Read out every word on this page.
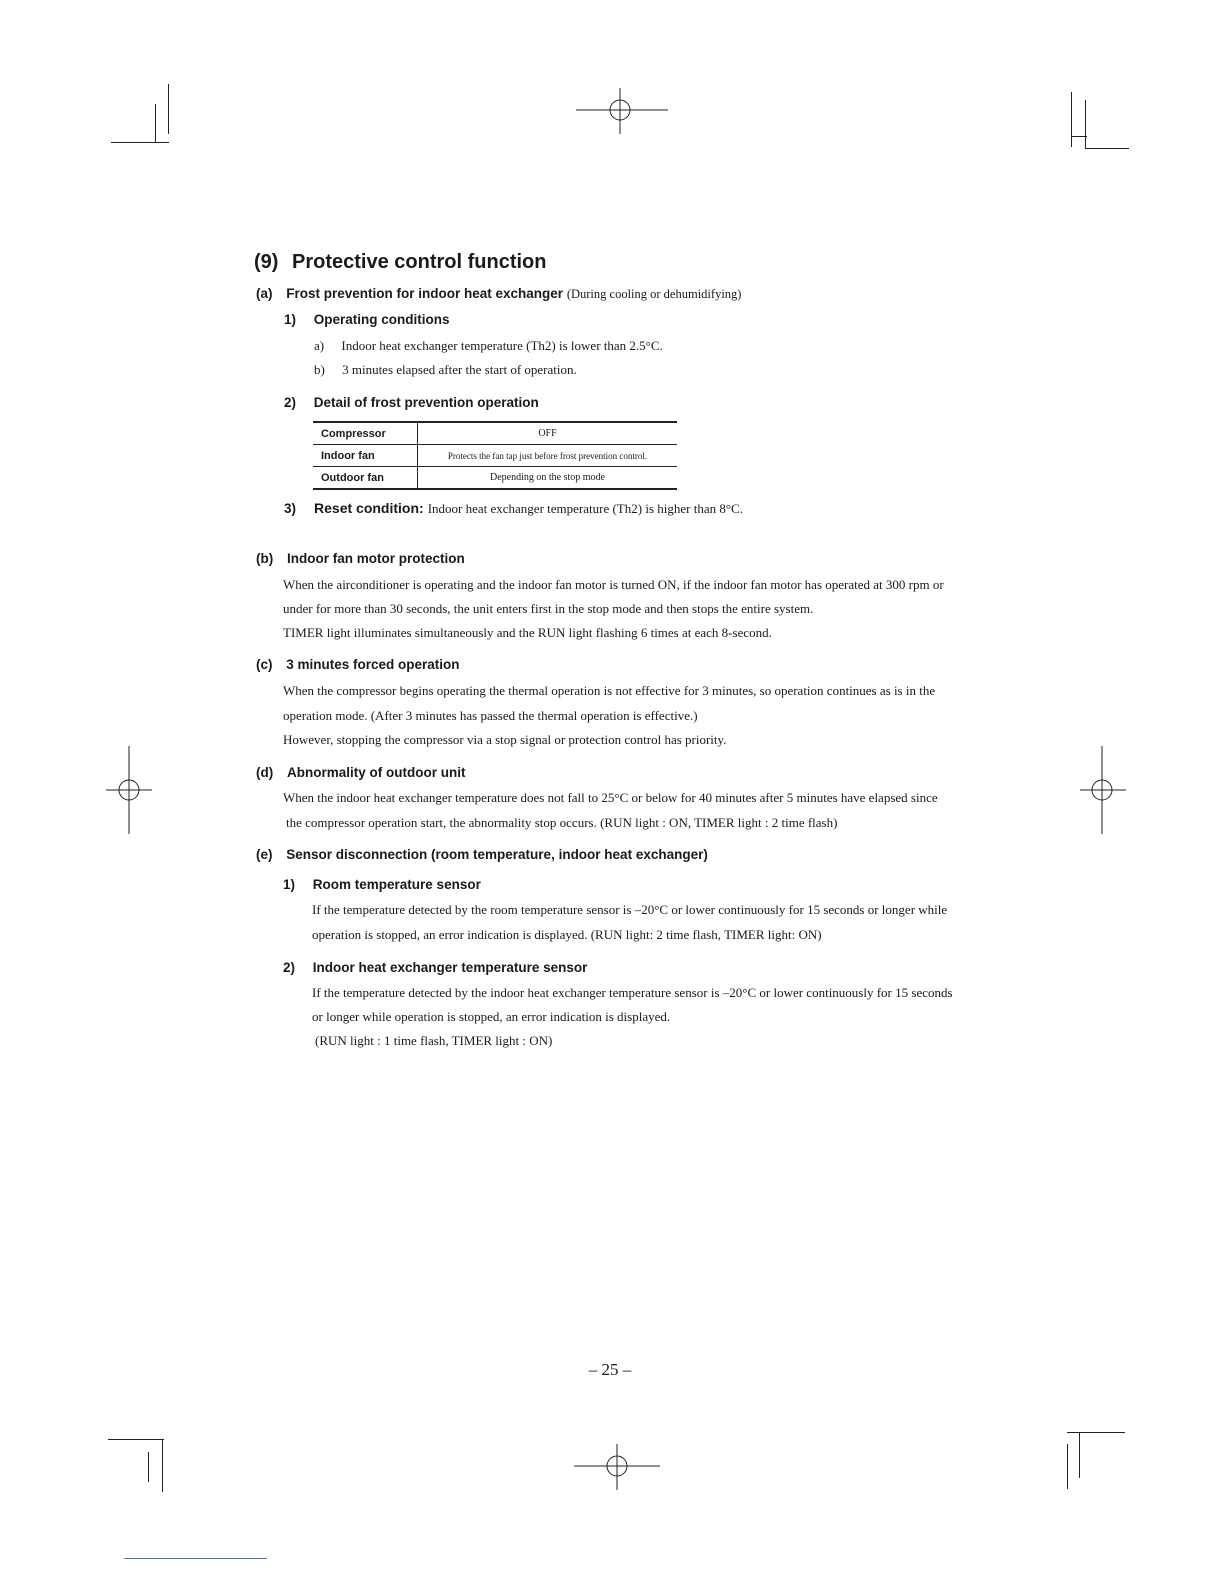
(9) Protective control function
(a) Frost prevention for indoor heat exchanger (During cooling or dehumidifying)
1) Operating conditions
a) Indoor heat exchanger temperature (Th2) is lower than 2.5°C.
b) 3 minutes elapsed after the start of operation.
2) Detail of frost prevention operation
Compressor	OFF
Indoor fan	Protects the fan tap just before frost prevention control.
Outdoor fan	Depending on the stop mode
3) Reset condition: Indoor heat exchanger temperature (Th2) is higher than 8°C.
(b) Indoor fan motor protection
When the airconditioner is operating and the indoor fan motor is turned ON, if the indoor fan motor has operated at 300 rpm or
under for more than 30 seconds, the unit enters first in the stop mode and then stops the entire system.
TIMER light illuminates simultaneously and the RUN light flashing 6 times at each 8-second.
(c) 3 minutes forced operation
When the compressor begins operating the thermal operation is not effective for 3 minutes, so operation continues as is in the
operation mode. (After 3 minutes has passed the thermal operation is effective.)
However, stopping the compressor via a stop signal or protection control has priority.
(d) Abnormality of outdoor unit
When the indoor heat exchanger temperature does not fall to 25°C or below for 40 minutes after 5 minutes have elapsed since
the compressor operation start, the abnormality stop occurs. (RUN light : ON, TIMER light : 2 time flash)
(e) Sensor disconnection (room temperature, indoor heat exchanger)
1) Room temperature sensor
If the temperature detected by the room temperature sensor is –20°C or lower continuously for 15 seconds or longer while
operation is stopped, an error indication is displayed. (RUN light: 2 time flash, TIMER light: ON)
2) Indoor heat exchanger temperature sensor
If the temperature detected by the indoor heat exchanger temperature sensor is –20°C or lower continuously for 15 seconds
or longer while operation is stopped, an error indication is displayed.
(RUN light : 1 time flash, TIMER light : ON)
– 25 –
